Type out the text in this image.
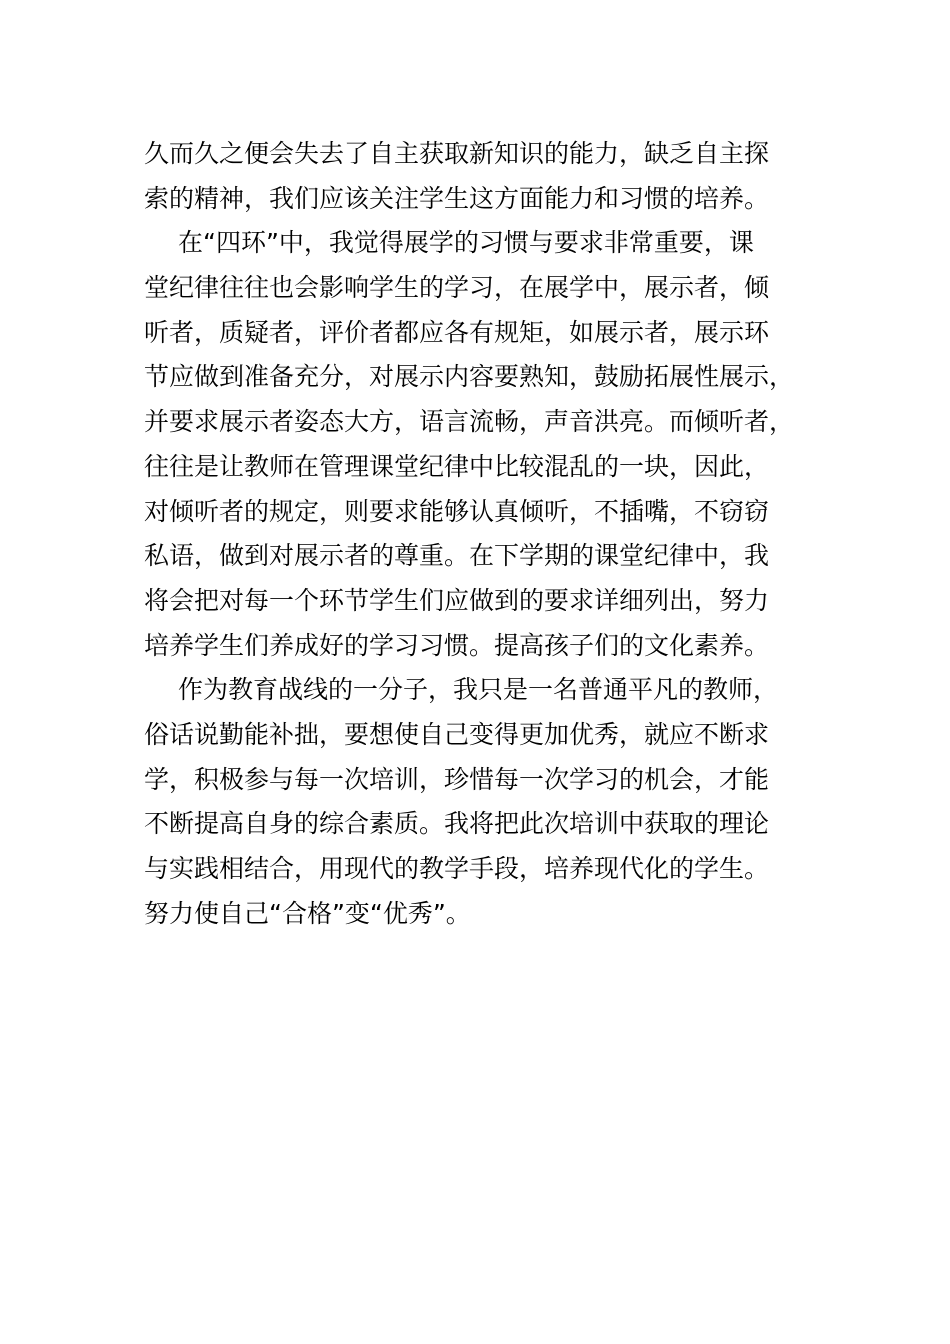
久而久之便会失去了自主获取新知识的能力，缺乏自主探
索的精神，我们应该关注学生这方面能力和习惯的培养。
在“四环”中，我觉得展学的习惯与要求非常重要，课
堂纪律往往也会影响学生的学习，在展学中，展示者，倾
听者，质疑者，评价者都应各有规矩，如展示者，展示环
节应做到准备充分，对展示内容要熟知，鼓励拓展性展示，
并要求展示者姿态大方，语言流畅，声音洪亮。而倾听者，
往往是让教师在管理课堂纪律中比较混乱的一块，因此，
对倾听者的规定，则要求能够认真倾听，不插嘴，不窃窃
私语，做到对展示者的尊重。在下学期的课堂纪律中，我
将会把对每一个环节学生们应做到的要求详细列出，努力
培养学生们养成好的学习习惯。提高孩子们的文化素养。
作为教育战线的一分子，我只是一名普通平凡的教师，
俗话说勤能补拙，要想使自己变得更加优秀，就应不断求
学，积极参与每一次培训，珍惜每一次学习的机会，才能
不断提高自身的综合素质。我将把此次培训中获取的理论
与实践相结合，用现代的教学手段，培养现代化的学生。
努力使自己“合格”变“优秀”。
